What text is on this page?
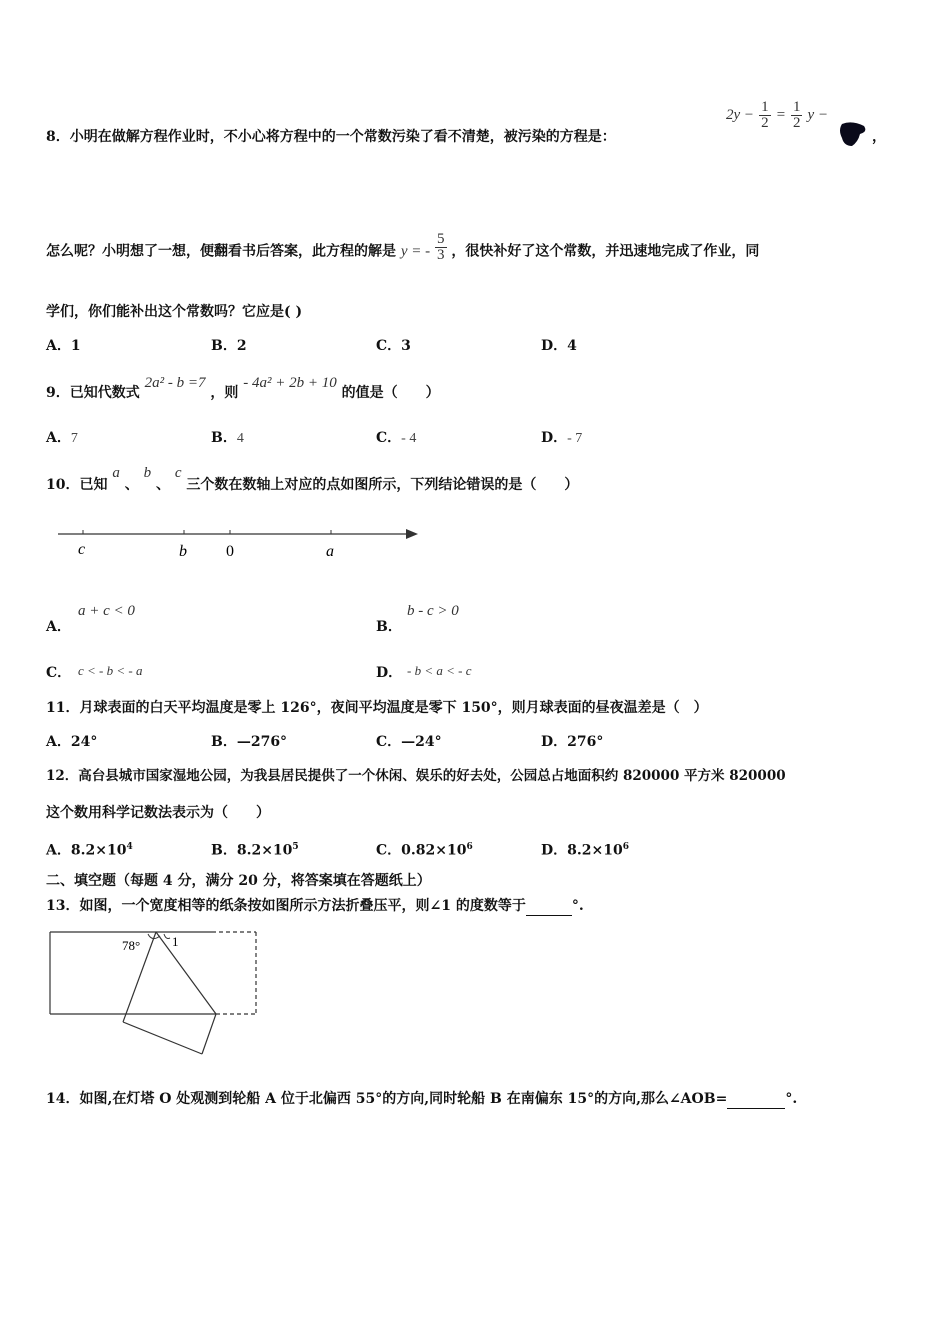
8．小明在做解方程作业时，不小心将方程中的一个常数污染了看不清楚，被污染的方程是：
$2y - \frac{1}{2} = \frac{1}{2}$ y −
，
怎么呢？小明想了一想，便翻看书后答案，此方程的解是 y = - $\frac{5}{3}$ ，很快补好了这个常数，并迅速地完成了作业，同
学们，你们能补出这个常数吗？它应是( )
A．1	B．2	C．3	D．4
9．已知代数式 2a² - b =7 ，则 - 4a² + 2b + 10 的值是（　　）
A．7	B．4	C．- 4	D．- 7
10．已知 a 、 b 、 c 三个数在数轴上对应的点如图所示，下列结论错误的是（　　）
c	b 0	a
A．
a + c < 0
B．
b - c > 0
C． c < - b < - a	D． - b < a < - c
11．月球表面的白天平均温度是零上 126°，夜间平均温度是零下 150°，则月球表面的昼夜温差是（　）
A．24°	B．—276°	C．—24°	D．276°
12．高台县城市国家湿地公园，为我县居民提供了一个休闲、娱乐的好去处，公园总占地面积约 820000 平方米 820000
这个数用科学记数法表示为（　　）
A．$8.2\times 10^4$	B．$8.2\times 10^5$	C．$0.82\times 10^6$	D．$8.2\times 10^6$
二、填空题（每题 4 分，满分 20 分，将答案填在答题纸上）
13．如图，一个宽度相等的纸条按如图所示方法折叠压平，则∠1 的度数等于	°.
78° 1
14．如图,在灯塔 O 处观测到轮船 A 位于北偏西 55°的方向,同时轮船 B 在南偏东 15°的方向,那么∠AOB=	°.
